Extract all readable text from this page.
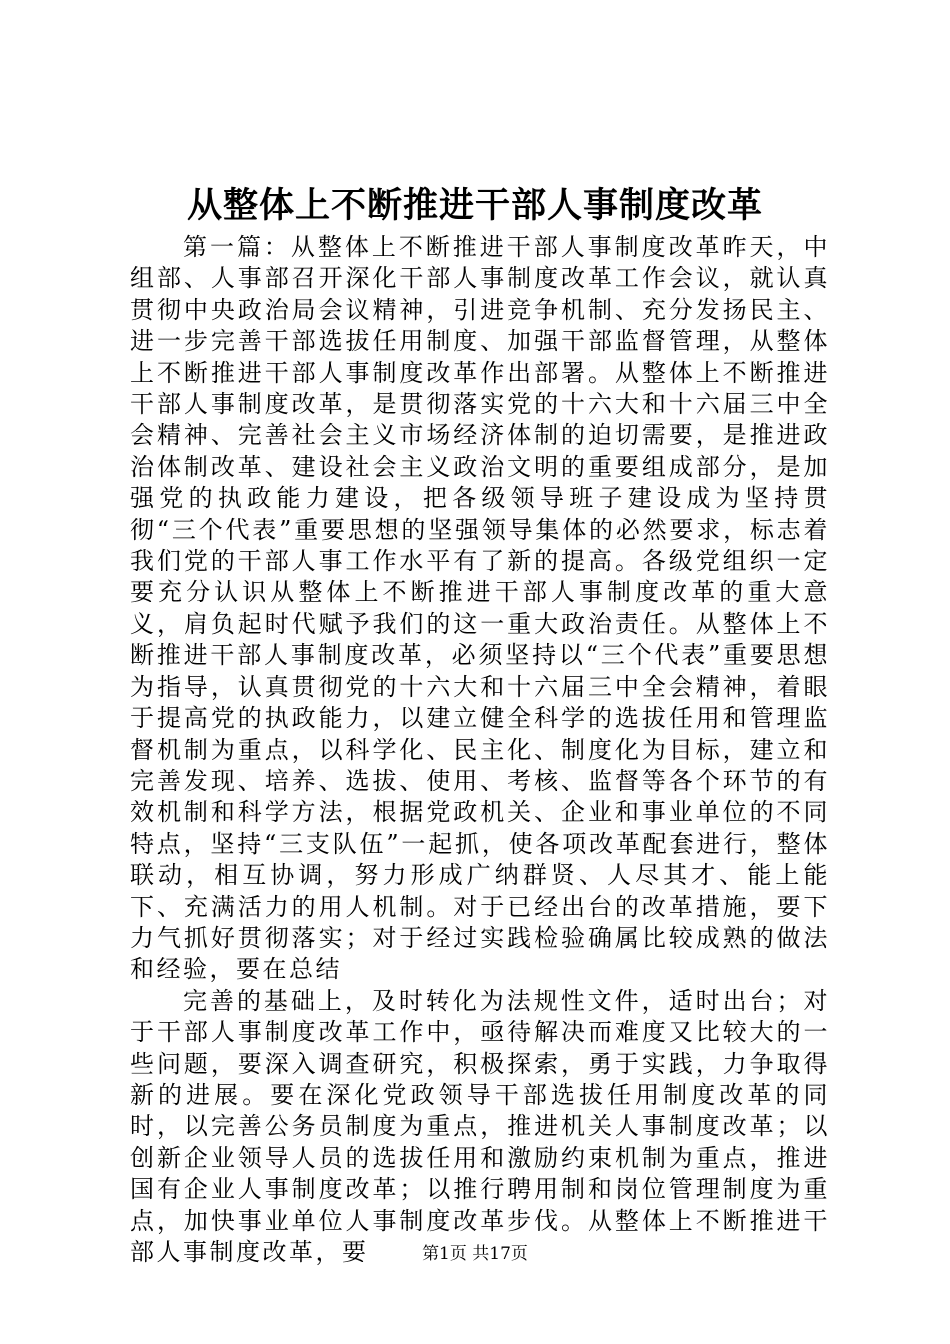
从整体上不断推进干部人事制度改革

第一篇：从整体上不断推进干部人事制度改革昨天，中组部、人事部召开深化干部人事制度改革工作会议，就认真贯彻中央政治局会议精神，引进竞争机制、充分发扬民主、进一步完善干部选拔任用制度、加强干部监督管理，从整体上不断推进干部人事制度改革作出部署。从整体上不断推进干部人事制度改革，是贯彻落实党的十六大和十六届三中全会精神、完善社会主义市场经济体制的迫切需要，是推进政治体制改革、建设社会主义政治文明的重要组成部分，是加强党的执政能力建设，把各级领导班子建设成为坚持贯彻“三个代表”重要思想的坚强领导集体的必然要求，标志着我们党的干部人事工作水平有了新的提高。各级党组织一定要充分认识从整体上不断推进干部人事制度改革的重大意义，肩负起时代赋予我们的这一重大政治责任。从整体上不断推进干部人事制度改革，必须坚持以“三个代表”重要思想为指导，认真贯彻党的十六大和十六届三中全会精神，着眼于提高党的执政能力，以建立健全科学的选拔任用和管理监督机制为重点，以科学化、民主化、制度化为目标，建立和完善发现、培养、选拔、使用、考核、监督等各个环节的有效机制和科学方法，根据党政机关、企业和事业单位的不同特点，坚持“三支队伍”一起抓，使各项改革配套进行，整体联动，相互协调，努力形成广纳群贤、人尽其才、能上能下、充满活力的用人机制。对于已经出台的改革措施，要下力气抓好贯彻落实；对于经过实践检验确属比较成熟的做法和经验，要在总结

完善的基础上，及时转化为法规性文件，适时出台；对于干部人事制度改革工作中，亟待解决而难度又比较大的一些问题，要深入调查研究，积极探索，勇于实践，力争取得新的进展。要在深化党政领导干部选拔任用制度改革的同时，以完善公务员制度为重点，推进机关人事制度改革；以创新企业领导人员的选拔任用和激励约束机制为重点，推进国有企业人事制度改革；以推行聘用制和岗位管理制度为重点，加快事业单位人事制度改革步伐。从整体上不断推进干部人事制度改革，要	第1页 共17页
